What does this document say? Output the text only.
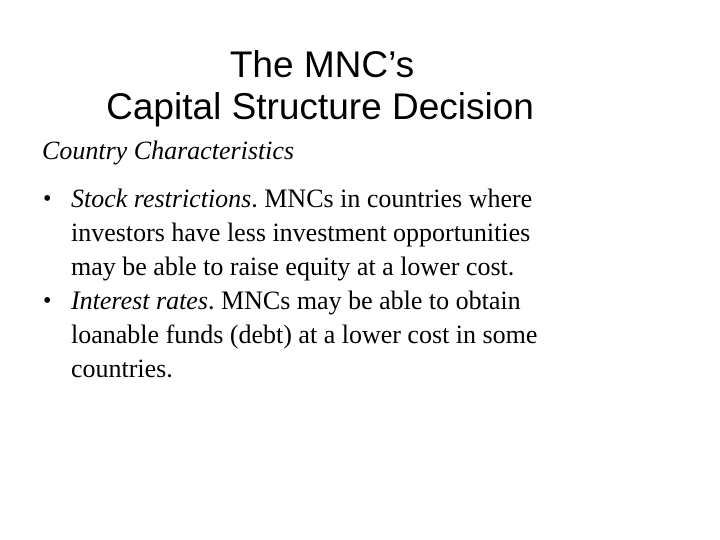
The MNC’s
Capital Structure Decision
Country Characteristics
• Stock restrictions. MNCs in countries where
investors have less investment opportunities
may be able to raise equity at a lower cost.
• Interest rates. MNCs may be able to obtain
loanable funds (debt) at a lower cost in some
countries.
